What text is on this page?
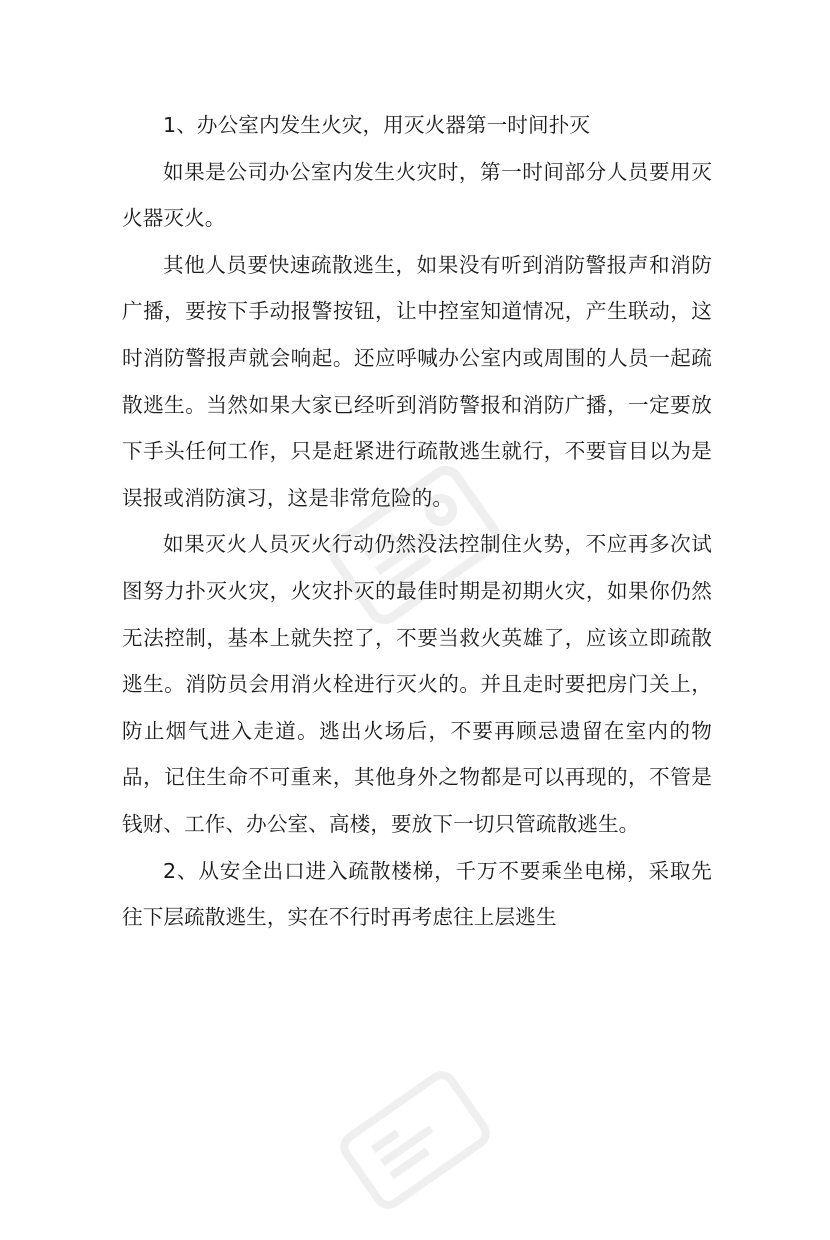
1、办公室内发生火灾，用灭火器第一时间扑灭

如果是公司办公室内发生火灾时，第一时间部分人员要用灭火器灭火。

其他人员要快速疏散逃生，如果没有听到消防警报声和消防广播，要按下手动报警按钮，让中控室知道情况，产生联动，这时消防警报声就会响起。还应呼喊办公室内或周围的人员一起疏散逃生。当然如果大家已经听到消防警报和消防广播，一定要放下手头任何工作，只是赶紧进行疏散逃生就行，不要盲目以为是误报或消防演习，这是非常危险的。

如果灭火人员灭火行动仍然没法控制住火势，不应再多次试图努力扑灭火灾，火灾扑灭的最佳时期是初期火灾，如果你仍然无法控制，基本上就失控了，不要当救火英雄了，应该立即疏散逃生。消防员会用消火栓进行灭火的。并且走时要把房门关上，防止烟气进入走道。逃出火场后，不要再顾忌遗留在室内的物品，记住生命不可重来，其他身外之物都是可以再现的，不管是钱财、工作、办公室、高楼，要放下一切只管疏散逃生。

2、从安全出口进入疏散楼梯，千万不要乘坐电梯，采取先往下层疏散逃生，实在不行时再考虑往上层逃生
